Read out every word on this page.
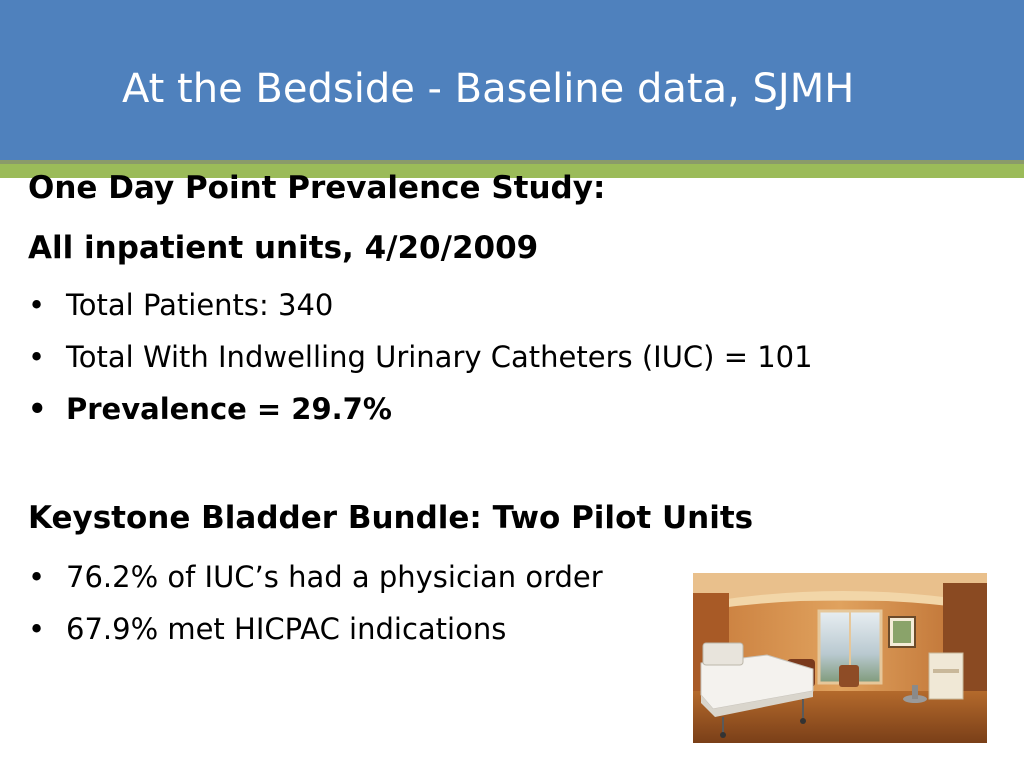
At the Bedside - Baseline data, SJMH
One Day Point Prevalence Study:
All inpatient units, 4/20/2009
• Total Patients: 340
• Total With Indwelling Urinary Catheters (IUC) = 101
• Prevalence = 29.7%
Keystone Bladder Bundle: Two Pilot Units
• 76.2% of IUC’s had a physician order
• 67.9% met HICPAC indications
